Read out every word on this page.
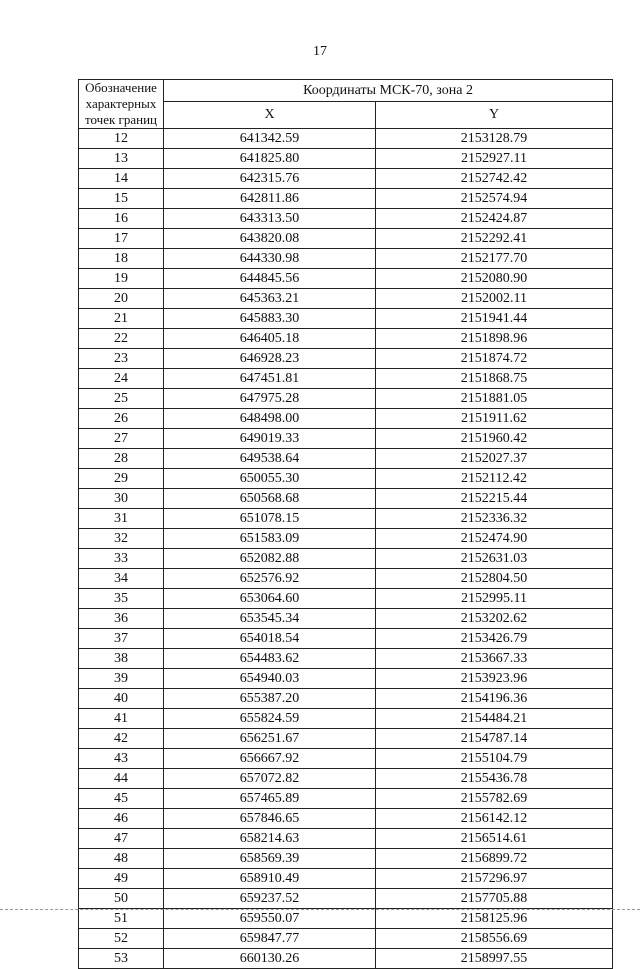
17
Обозначение характерных точек границ	Координаты МСК-70, зона 2	
	X	Y
12	641342.59	2153128.79
13	641825.80	2152927.11
14	642315.76	2152742.42
15	642811.86	2152574.94
16	643313.50	2152424.87
17	643820.08	2152292.41
18	644330.98	2152177.70
19	644845.56	2152080.90
20	645363.21	2152002.11
21	645883.30	2151941.44
22	646405.18	2151898.96
23	646928.23	2151874.72
24	647451.81	2151868.75
25	647975.28	2151881.05
26	648498.00	2151911.62
27	649019.33	2151960.42
28	649538.64	2152027.37
29	650055.30	2152112.42
30	650568.68	2152215.44
31	651078.15	2152336.32
32	651583.09	2152474.90
33	652082.88	2152631.03
34	652576.92	2152804.50
35	653064.60	2152995.11
36	653545.34	2153202.62
37	654018.54	2153426.79
38	654483.62	2153667.33
39	654940.03	2153923.96
40	655387.20	2154196.36
41	655824.59	2154484.21
42	656251.67	2154787.14
43	656667.92	2155104.79
44	657072.82	2155436.78
45	657465.89	2155782.69
46	657846.65	2156142.12
47	658214.63	2156514.61
48	658569.39	2156899.72
49	658910.49	2157296.97
50	659237.52	2157705.88
51	659550.07	2158125.96
52	659847.77	2158556.69
53	660130.26	2158997.55
